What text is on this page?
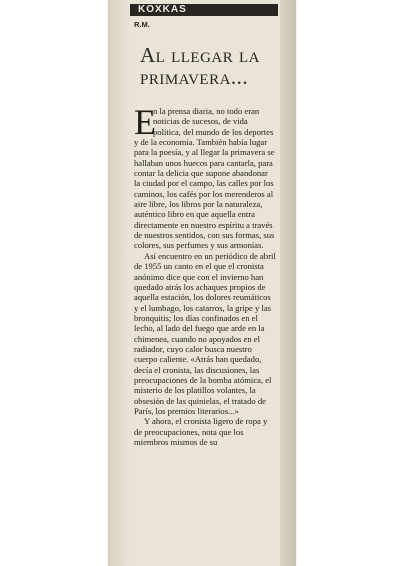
KOXKAS
R.M.
Al llegar la primavera...
E

n la prensa diaria, no todo eran noticias de sucesos, de vida política, del mundo de los deportes y de la economía. También había lugar para la poesía, y al llegar la primavera se hallaban unos huecos para cantarla, para contar la delicia que supone abandonar la ciudad por el campo, las calles por los caminos, los cafés por los merenderos al aire libre, los libros por la naturaleza, auténtico libro en que aquella entra directamente en nuestro espíritu a través de nuestros sentidos, con sus formas, sus colores, sus perfumes y sus armonías.

Así encuentro en un periódico de abril de 1955 un canto en el que el cronista anónimo dice que con el invierno han quedado atrás los achaques propios de aquella estación, los dolores reumáticos y el lumbago, los catarros, la gripe y las bronquitis; los días confinados en el lecho, al lado del fuego que arde en la chimenea, cuando no apoyados en el radiador, cuyo calor busca nuestro cuerpo caliente. «Atrás han quedado, decía el cronista, las discusiones, las preocupaciones de la bomba atómica, el misterio de los platillos volantes, la obsesión de las quinielas, el tratado de París, los premios literarios...»

Y ahora, el cronista ligero de ropa y de preocupaciones, nota que los miembros mismos de su
